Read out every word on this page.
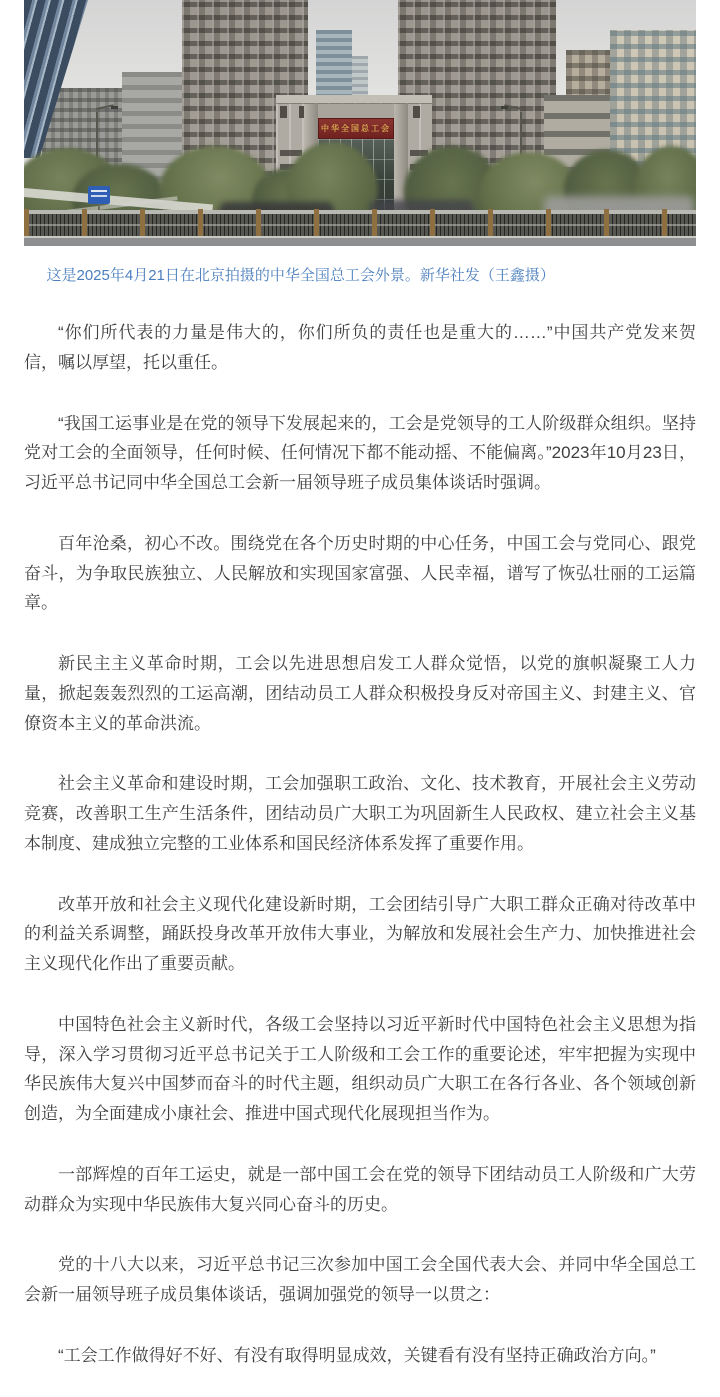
中华全国总工会

这是2025年4月21日在北京拍摄的中华全国总工会外景。新华社发（王鑫摄）

“你们所代表的力量是伟大的，你们所负的责任也是重大的……”中国共产党发来贺信，嘱以厚望，托以重任。

“我国工运事业是在党的领导下发展起来的，工会是党领导的工人阶级群众组织。坚持党对工会的全面领导，任何时候、任何情况下都不能动摇、不能偏离。”2023年10月23日，习近平总书记同中华全国总工会新一届领导班子成员集体谈话时强调。

百年沧桑，初心不改。围绕党在各个历史时期的中心任务，中国工会与党同心、跟党奋斗，为争取民族独立、人民解放和实现国家富强、人民幸福，谱写了恢弘壮丽的工运篇章。

新民主主义革命时期，工会以先进思想启发工人群众觉悟，以党的旗帜凝聚工人力量，掀起轰轰烈烈的工运高潮，团结动员工人群众积极投身反对帝国主义、封建主义、官僚资本主义的革命洪流。

社会主义革命和建设时期，工会加强职工政治、文化、技术教育，开展社会主义劳动竞赛，改善职工生产生活条件，团结动员广大职工为巩固新生人民政权、建立社会主义基本制度、建成独立完整的工业体系和国民经济体系发挥了重要作用。

改革开放和社会主义现代化建设新时期，工会团结引导广大职工群众正确对待改革中的利益关系调整，踊跃投身改革开放伟大事业，为解放和发展社会生产力、加快推进社会主义现代化作出了重要贡献。

中国特色社会主义新时代，各级工会坚持以习近平新时代中国特色社会主义思想为指导，深入学习贯彻习近平总书记关于工人阶级和工会工作的重要论述，牢牢把握为实现中华民族伟大复兴中国梦而奋斗的时代主题，组织动员广大职工在各行各业、各个领域创新创造，为全面建成小康社会、推进中国式现代化展现担当作为。

一部辉煌的百年工运史，就是一部中国工会在党的领导下团结动员工人阶级和广大劳动群众为实现中华民族伟大复兴同心奋斗的历史。

党的十八大以来，习近平总书记三次参加中国工会全国代表大会、并同中华全国总工会新一届领导班子成员集体谈话，强调加强党的领导一以贯之：

“工会工作做得好不好、有没有取得明显成效，关键看有没有坚持正确政治方向。”
